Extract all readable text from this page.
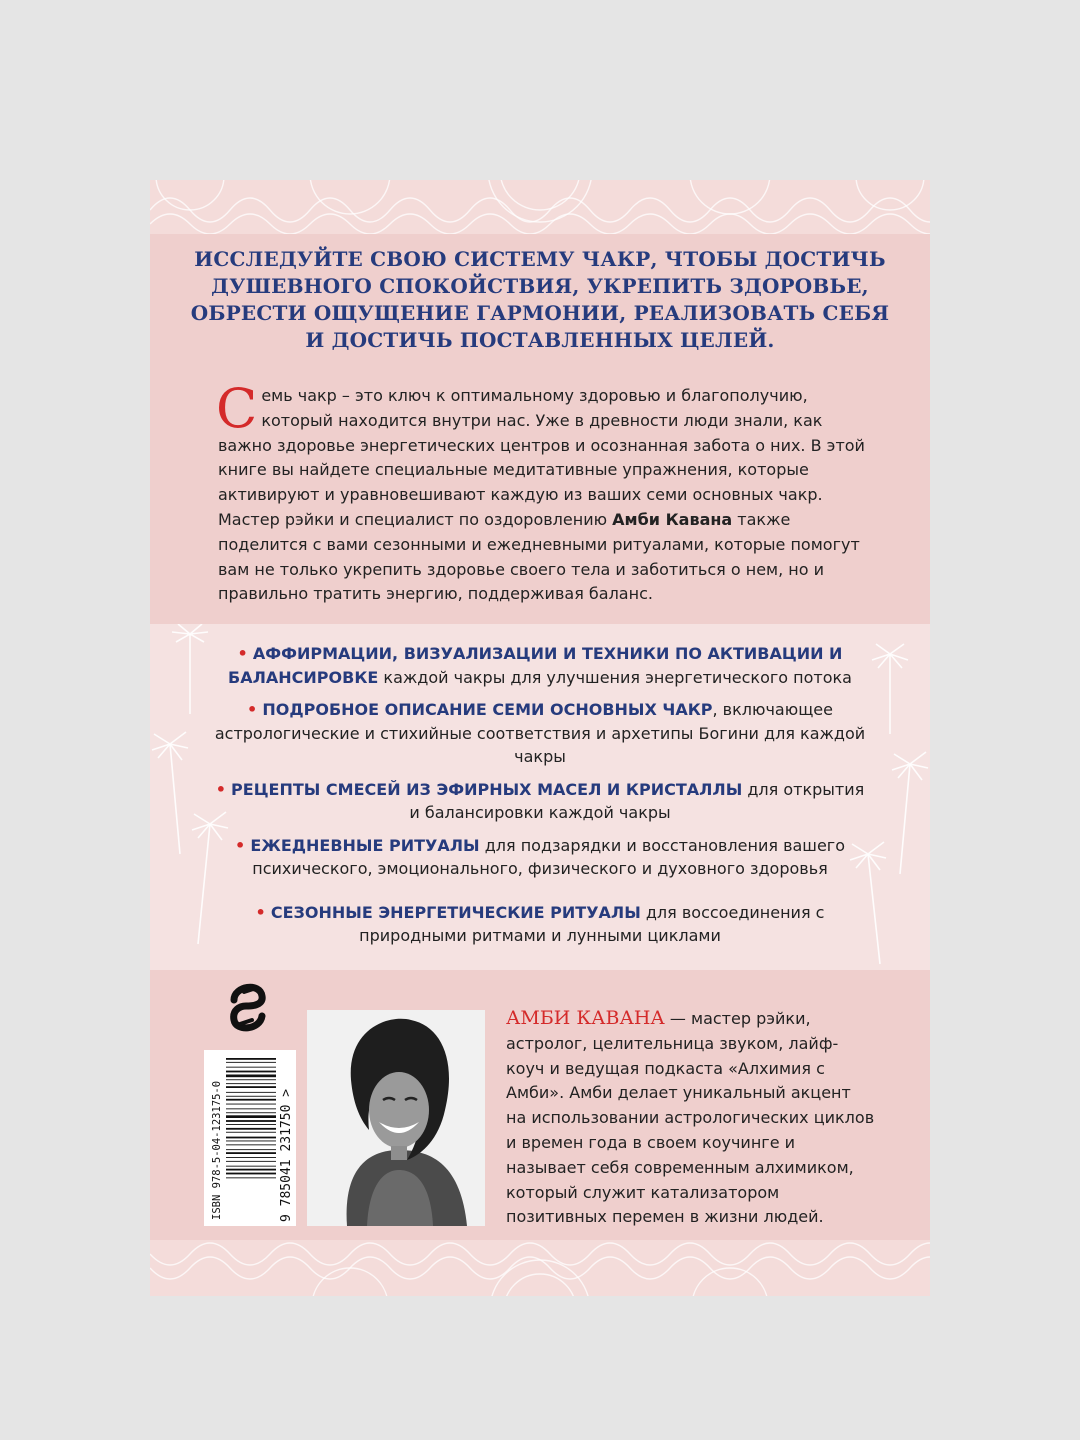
ИССЛЕДУЙТЕ СВОЮ СИСТЕМУ ЧАКР, ЧТОБЫ ДОСТИЧЬ ДУШЕВНОГО СПОКОЙСТВИЯ, УКРЕПИТЬ ЗДОРОВЬЕ, ОБРЕСТИ ОЩУЩЕНИЕ ГАРМОНИИ, РЕАЛИЗОВАТЬ СЕБЯ И ДОСТИЧЬ ПОСТАВЛЕННЫХ ЦЕЛЕЙ.

Семь чакр – это ключ к оптимальному здоровью и благополучию, который находится внутри нас. Уже в древности люди знали, как важно здоровье энергетических центров и осознанная забота о них. В этой книге вы найдете специальные медитативные упражнения, которые активируют и уравновешивают каждую из ваших семи основных чакр. Мастер рэйки и специалист по оздоровлению Амби Кавана также поделится с вами сезонными и ежедневными ритуалами, которые помогут вам не только укрепить здоровье своего тела и заботиться о нем, но и правильно тратить энергию, поддерживая баланс.

• АФФИРМАЦИИ, ВИЗУАЛИЗАЦИИ И ТЕХНИКИ ПО АКТИВАЦИИ И БАЛАНСИРОВКЕ каждой чакры для улучшения энергетического потока

• ПОДРОБНОЕ ОПИСАНИЕ СЕМИ ОСНОВНЫХ ЧАКР, включающее астрологические и стихийные соответствия и архетипы Богини для каждой чакры

• РЕЦЕПТЫ СМЕСЕЙ ИЗ ЭФИРНЫХ МАСЕЛ И КРИСТАЛЛЫ для открытия и балансировки каждой чакры

• ЕЖЕДНЕВНЫЕ РИТУАЛЫ для подзарядки и восстановления вашего психического, эмоционального, физического и духовного здоровья

• СЕЗОННЫЕ ЭНЕРГЕТИЧЕСКИЕ РИТУАЛЫ для воссоединения с природными ритмами и лунными циклами

ISBN 978-5-04-123175-0	9 785041 231750 >

АМБИ КАВАНА — мастер рэйки, астролог, целительница звуком, лайф-коуч и ведущая подкаста «Алхимия с Амби». Амби делает уникальный акцент на использовании астрологических циклов и времен года в своем коучинге и называет себя современным алхимиком, который служит катализатором позитивных перемен в жизни людей.
